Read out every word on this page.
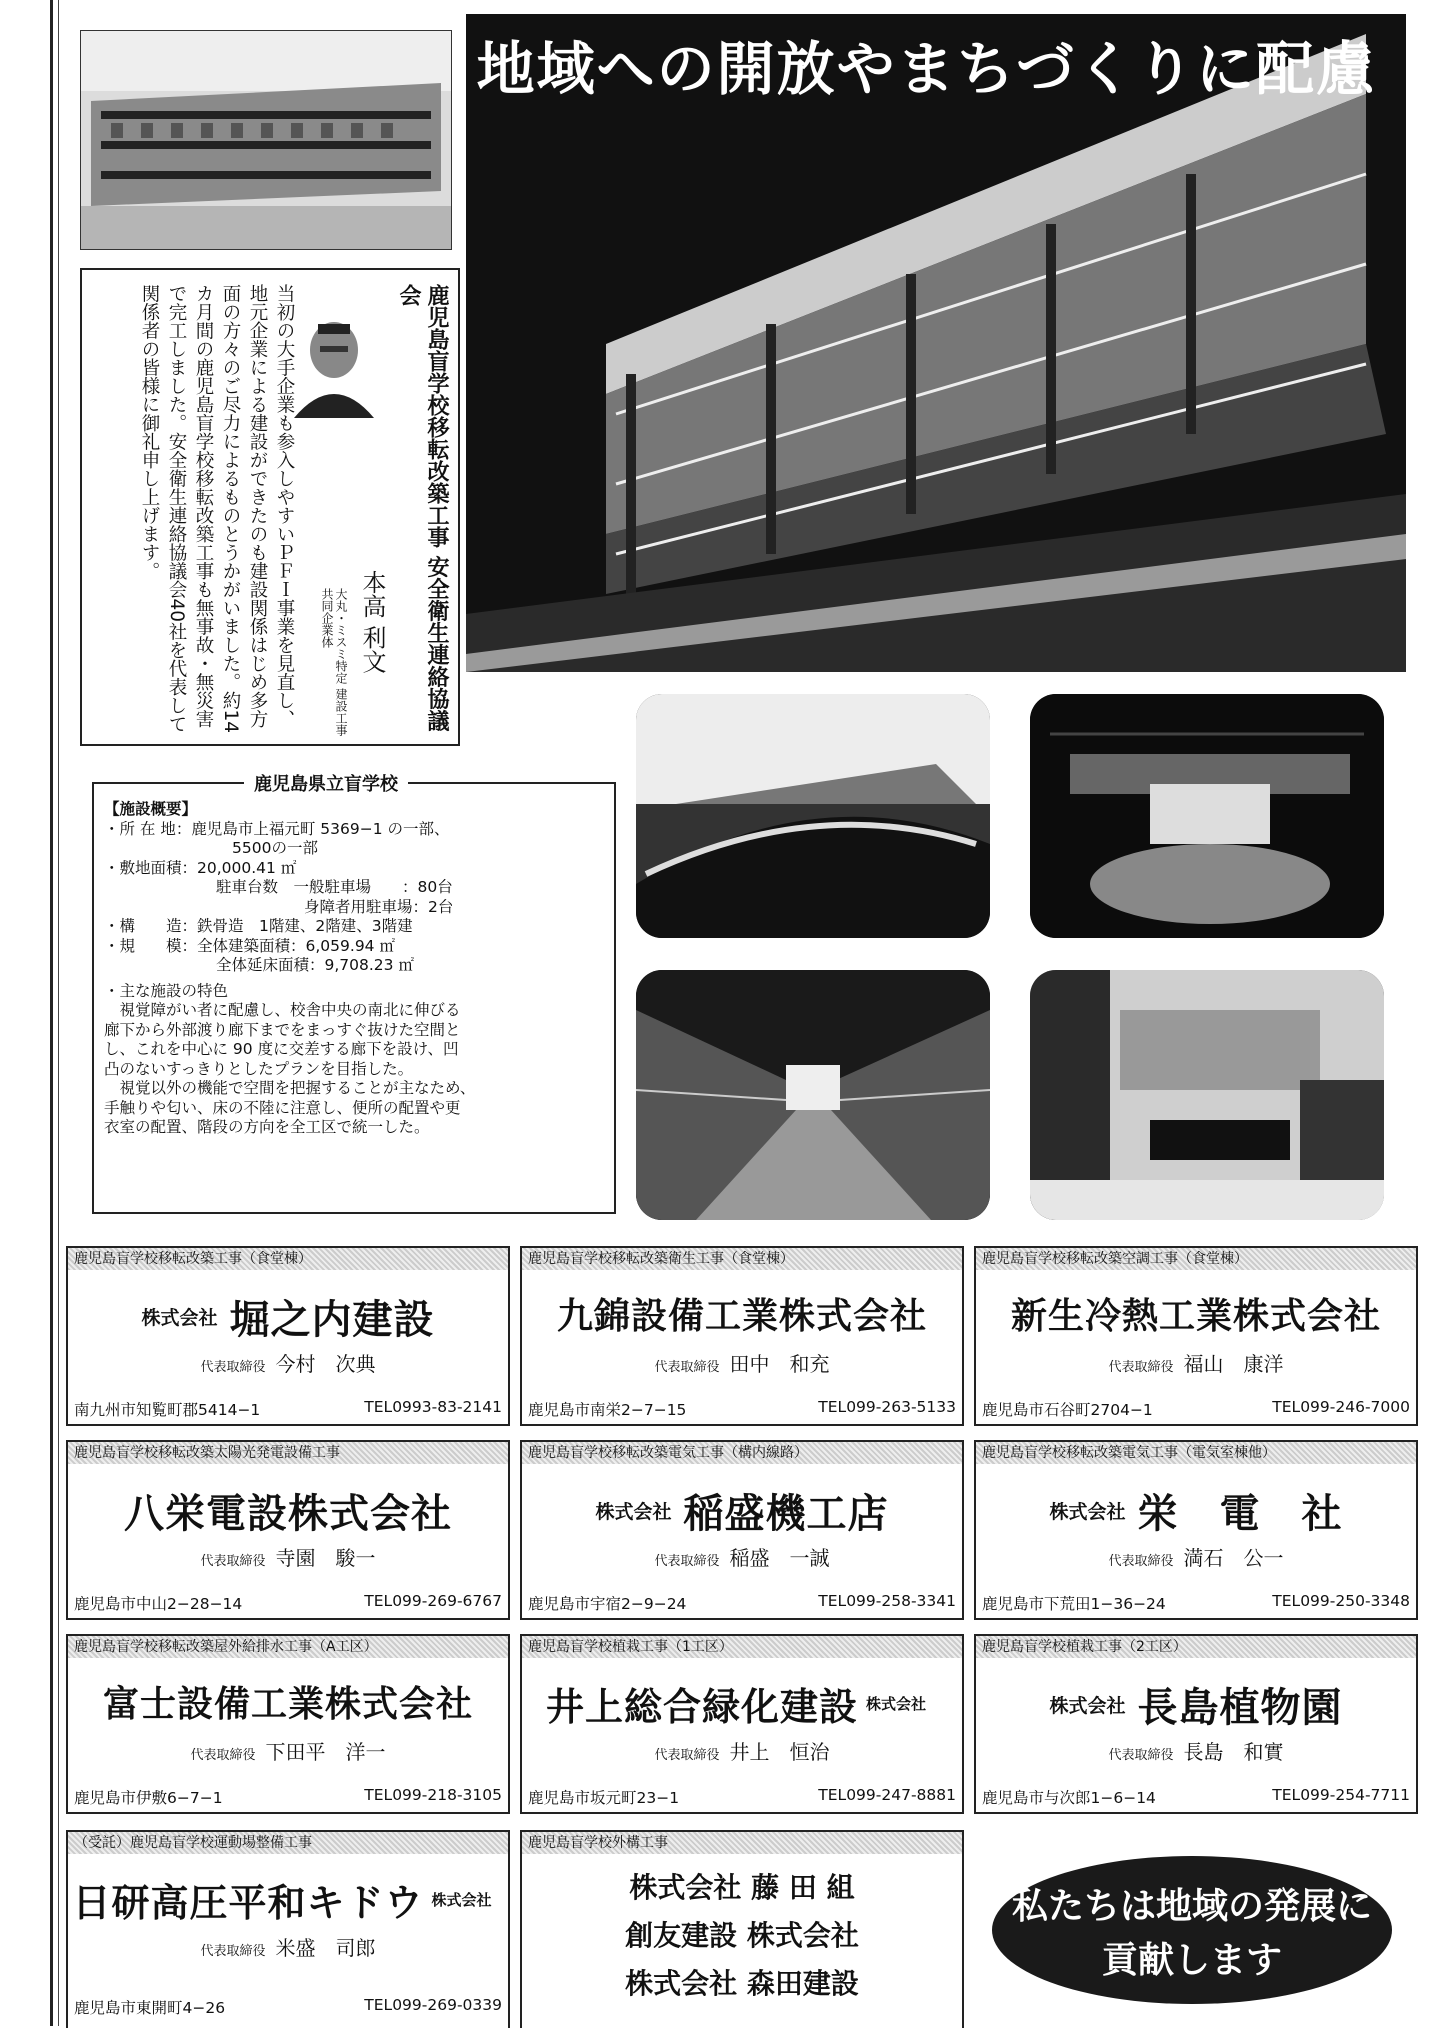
地域への開放やまちづくりに配慮
鹿児島盲学校移転改築工事 安全衛生連絡協議会
本高 利文
大丸・ミスミ特定 建設工事共同企業体
当初の大手企業も参入しやすいＰＦＩ事業を見直し、地元企業による建設ができたのも建設関係はじめ多方面の方々のご尽力によるものとうかがいました。約14カ月間の鹿児島盲学校移転改築工事も無事故・無災害で完工しました。安全衛生連絡協議会40社を代表して関係者の皆様に御礼申し上げます。
鹿児島県立盲学校
【施設概要】
・所 在 地：鹿児島市上福元町 5369−1 の一部、
5500の一部
・敷地面積：20,000.41 ㎡
駐車台数　 一般駐車場　　：80台
身障者用駐車場：2台
・構　　造：鉄骨造　1階建、2階建、3階建
・規　　模：全体建築面積：6,059.94 ㎡
全体延床面積：9,708.23 ㎡
・主な施設の特色
　視覚障がい者に配慮し、校舎中央の南北に伸びる
廊下から外部渡り廊下までをまっすぐ抜けた空間と
し、これを中心に 90 度に交差する廊下を設け、凹
凸のないすっきりとしたプランを目指した。
　視覚以外の機能で空間を把握することが主なため、
手触りや匂い、床の不陸に注意し、便所の配置や更
衣室の配置、階段の方向を全工区で統一した。
鹿児島盲学校移転改築工事（食堂棟）
株式会社 堀之内建設
代表取締役 今村　次典
南九州市知覧町郡5414−1	TEL0993-83-2141
鹿児島盲学校移転改築衛生工事（食堂棟）
九錦設備工業株式会社
代表取締役 田中　和充
鹿児島市南栄2−7−15	TEL099-263-5133
鹿児島盲学校移転改築空調工事（食堂棟）
新生冷熱工業株式会社
代表取締役 福山　康洋
鹿児島市石谷町2704−1	TEL099-246-7000
鹿児島盲学校移転改築太陽光発電設備工事
八栄電設株式会社
代表取締役 寺園　駿一
鹿児島市中山2−28−14	TEL099-269-6767
鹿児島盲学校移転改築電気工事（構内線路）
株式会社 稲盛機工店
代表取締役 稲盛　一誠
鹿児島市宇宿2−9−24	TEL099-258-3341
鹿児島盲学校移転改築電気工事（電気室棟他）
株式会社 栄　電　社
代表取締役 満石　公一
鹿児島市下荒田1−36−24	TEL099-250-3348
鹿児島盲学校移転改築屋外給排水工事（A工区）
富士設備工業株式会社
代表取締役 下田平　洋一
鹿児島市伊敷6−7−1	TEL099-218-3105
鹿児島盲学校植栽工事（1工区）
井上総合緑化建設 株式会社
代表取締役 井上　恒治
鹿児島市坂元町23−1	TEL099-247-8881
鹿児島盲学校植栽工事（2工区）
株式会社 長島植物園
代表取締役 長島　和實
鹿児島市与次郎1−6−14	TEL099-254-7711
（受託）鹿児島盲学校運動場整備工事
日研高圧平和キドウ 株式会社
代表取締役 米盛　司郎
鹿児島市東開町4−26	TEL099-269-0339
鹿児島盲学校外構工事
株式会社 藤 田 組
創友建設 株式会社
株式会社 森田建設
私たちは地域の発展に
貢献します
